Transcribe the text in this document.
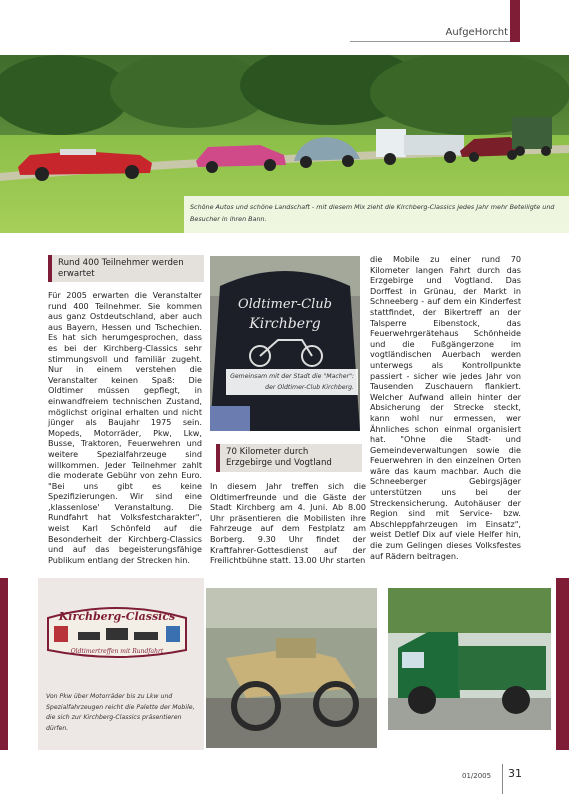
AufgeHorcht
Schöne Autos und schöne Landschaft - mit diesem Mix zieht die Kirchberg-Classics jedes Jahr mehr Beteiligte und Besucher in ihren Bann.
Rund 400 Teilnehmer werden erwartet
Für 2005 erwarten die Veranstalter rund 400 Teilnehmer. Sie kommen aus ganz Ostdeutschland, aber auch aus Bayern, Hessen und Tschechien. Es hat sich herumgesprochen, dass es bei der Kirchberg-Classics sehr stimmungsvoll und familiär zugeht. Nur in einem verstehen die Veranstalter keinen Spaß: Die Oldtimer müssen gepflegt, in einwandfreiem technischen Zustand, möglichst original erhalten und nicht jünger als Baujahr 1975 sein. Mopeds, Motorräder, Pkw, Lkw, Busse, Traktoren, Feuerwehren und weitere Spezialfahrzeuge sind willkommen. Jeder Teilnehmer zahlt die moderate Gebühr von zehn Euro. "Bei uns gibt es keine Spezifizierungen. Wir sind eine ‚klassenlose' Veranstaltung. Die Rundfahrt hat Volksfestcharakter", weist Karl Schönfeld auf die Besonderheit der Kirchberg-Classics und auf das begeisterungsfähige Publikum entlang der Strecken hin.
Oldtimer-Club
Kirchberg
Gemeinsam mit der Stadt die "Macher": der Oldtimer-Club Kirchberg.
70 Kilometer durch Erzgebirge und Vogtland
In diesem Jahr treffen sich die Oldtimerfreunde und die Gäste der Stadt Kirchberg am 4. Juni. Ab 8.00 Uhr präsentieren die Mobilisten ihre Fahrzeuge auf dem Festplatz am Borberg. 9.30 Uhr findet der Kraftfahrer-Gottesdienst auf der Freilichtbühne statt. 13.00 Uhr starten
die Mobile zu einer rund 70 Kilometer langen Fahrt durch das Erzgebirge und Vogtland. Das Dorffest in Grünau, der Markt in Schneeberg - auf dem ein Kinderfest stattfindet, der Bikertreff an der Talsperre Eibenstock, das Feuerwehrgerätehaus Schönheide und die Fußgängerzone im vogtländischen Auerbach werden unterwegs als Kontrollpunkte passiert - sicher wie jedes Jahr von Tausenden Zuschauern flankiert. Welcher Aufwand allein hinter der Absicherung der Strecke steckt, kann wohl nur ermessen, wer Ähnliches schon einmal organisiert hat. "Ohne die Stadt- und Gemeindeverwaltungen sowie die Feuerwehren in den einzelnen Orten wäre das kaum machbar. Auch die Schneeberger Gebirgsjäger unterstützen uns bei der Streckensicherung. Autohäuser der Region sind mit Service- bzw. Abschleppfahrzeugen im Einsatz", weist Detlef Dix auf viele Helfer hin, die zum Gelingen dieses Volksfestes auf Rädern beitragen.
Kirchberg-Classics
Oldtimertreffen mit Rundfahrt
Von Pkw über Motorräder bis zu Lkw und Spezialfahrzeugen reicht die Palette der Mobile, die sich zur Kirchberg-Classics präsentieren dürfen.
01/2005 31
